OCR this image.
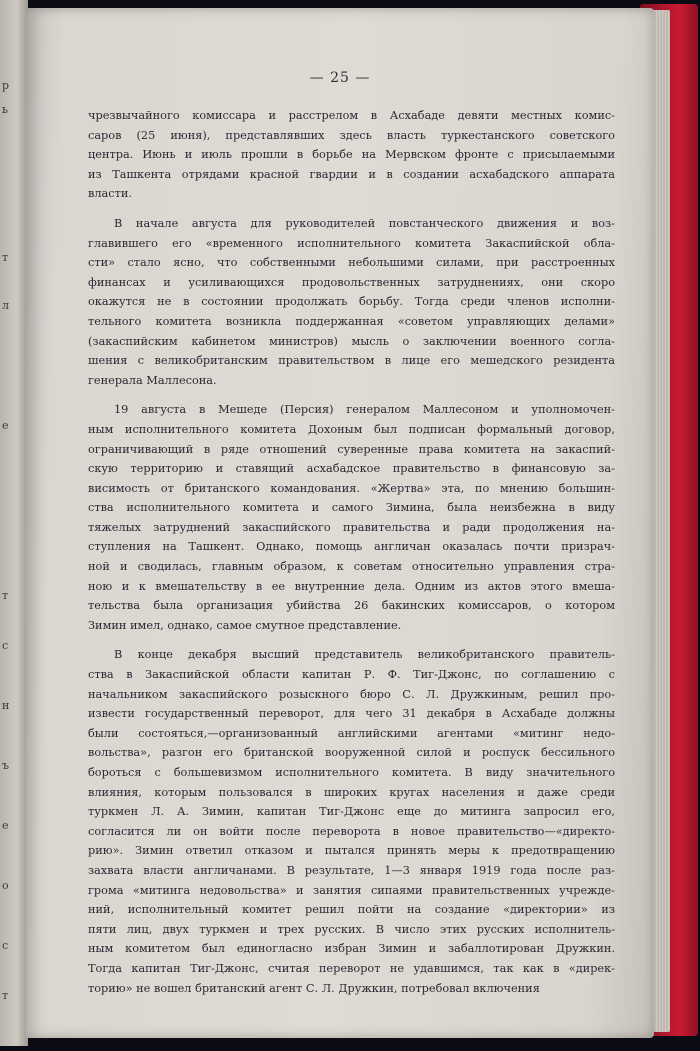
р
ь
т
л
е
т
с
н
ъ
е
о
с
т
— 25 —
чрезвычайного комиссара и расстрелом в Асхабаде девяти местных комис-
саров (25 июня), представлявших здесь власть туркестанского советского
центра. Июнь и июль прошли в борьбе на Мервском фронте с присылаемыми
из Ташкента отрядами красной гвардии и в создании асхабадского аппарата
власти.
В начале августа для руководителей повстанческого движения и воз-
главившего его «временного исполнительного комитета Закаспийской обла-
сти» стало ясно, что собственными небольшими силами, при расстроенных
финансах и усиливающихся продовольственных затруднениях, они скоро
окажутся не в состоянии продолжать борьбу. Тогда среди членов исполни-
тельного комитета возникла поддержанная «советом управляющих делами»
(закаспийским кабинетом министров) мысль о заключении военного согла-
шения с великобританским правительством в лице его мешедского резидента
генерала Маллесона.
19 августа в Мешеде (Персия) генералом Маллесоном и уполномочен-
ным исполнительного комитета Дохоным был подписан формальный договор,
ограничивающий в ряде отношений суверенные права комитета на закаспий-
скую территорию и ставящий асхабадское правительство в финансовую за-
висимость от британского командования. «Жертва» эта, по мнению большин-
ства исполнительного комитета и самого Зимина, была неизбежна в виду
тяжелых затруднений закаспийского правительства и ради продолжения на-
ступления на Ташкент. Однако, помощь англичан оказалась почти призрач-
ной и сводилась, главным образом, к советам относительно управления стра-
ною и к вмешательству в ее внутренние дела. Одним из актов этого вмеша-
тельства была организация убийства 26 бакинских комиссаров, о котором
Зимин имел, однако, самое смутное представление.
В конце декабря высший представитель великобританского правитель-
ства в Закаспийской области капитан Р. Ф. Тиг-Джонс, по соглашению с
начальником закаспийского розыскного бюро С. Л. Дружкиным, решил про-
извести государственный переворот, для чего 31 декабря в Асхабаде должны
были состояться,—организованный английскими агентами «митинг недо-
вольства», разгон его британской вооруженной силой и роспуск бессильного
бороться с большевизмом исполнительного комитета. В виду значительного
влияния, которым пользовался в широких кругах населения и даже среди
туркмен Л. А. Зимин, капитан Тиг-Джонс еще до митинга запросил его,
согласится ли он войти после переворота в новое правительство—«директо-
рию». Зимин ответил отказом и пытался принять меры к предотвращению
захвата власти англичанами. В результате, 1—3 января 1919 года после раз-
грома «митинга недовольства» и занятия сипаями правительственных учрежде-
ний, исполнительный комитет решил пойти на создание «директории» из
пяти лиц, двух туркмен и трех русских. В число этих русских исполнитель-
ным комитетом был единогласно избран Зимин и забаллотирован Дружкин.
Тогда капитан Тиг-Джонс, считая переворот не удавшимся, так как в «дирек-
торию» не вошел британский агент С. Л. Дружкин, потребовал включения
